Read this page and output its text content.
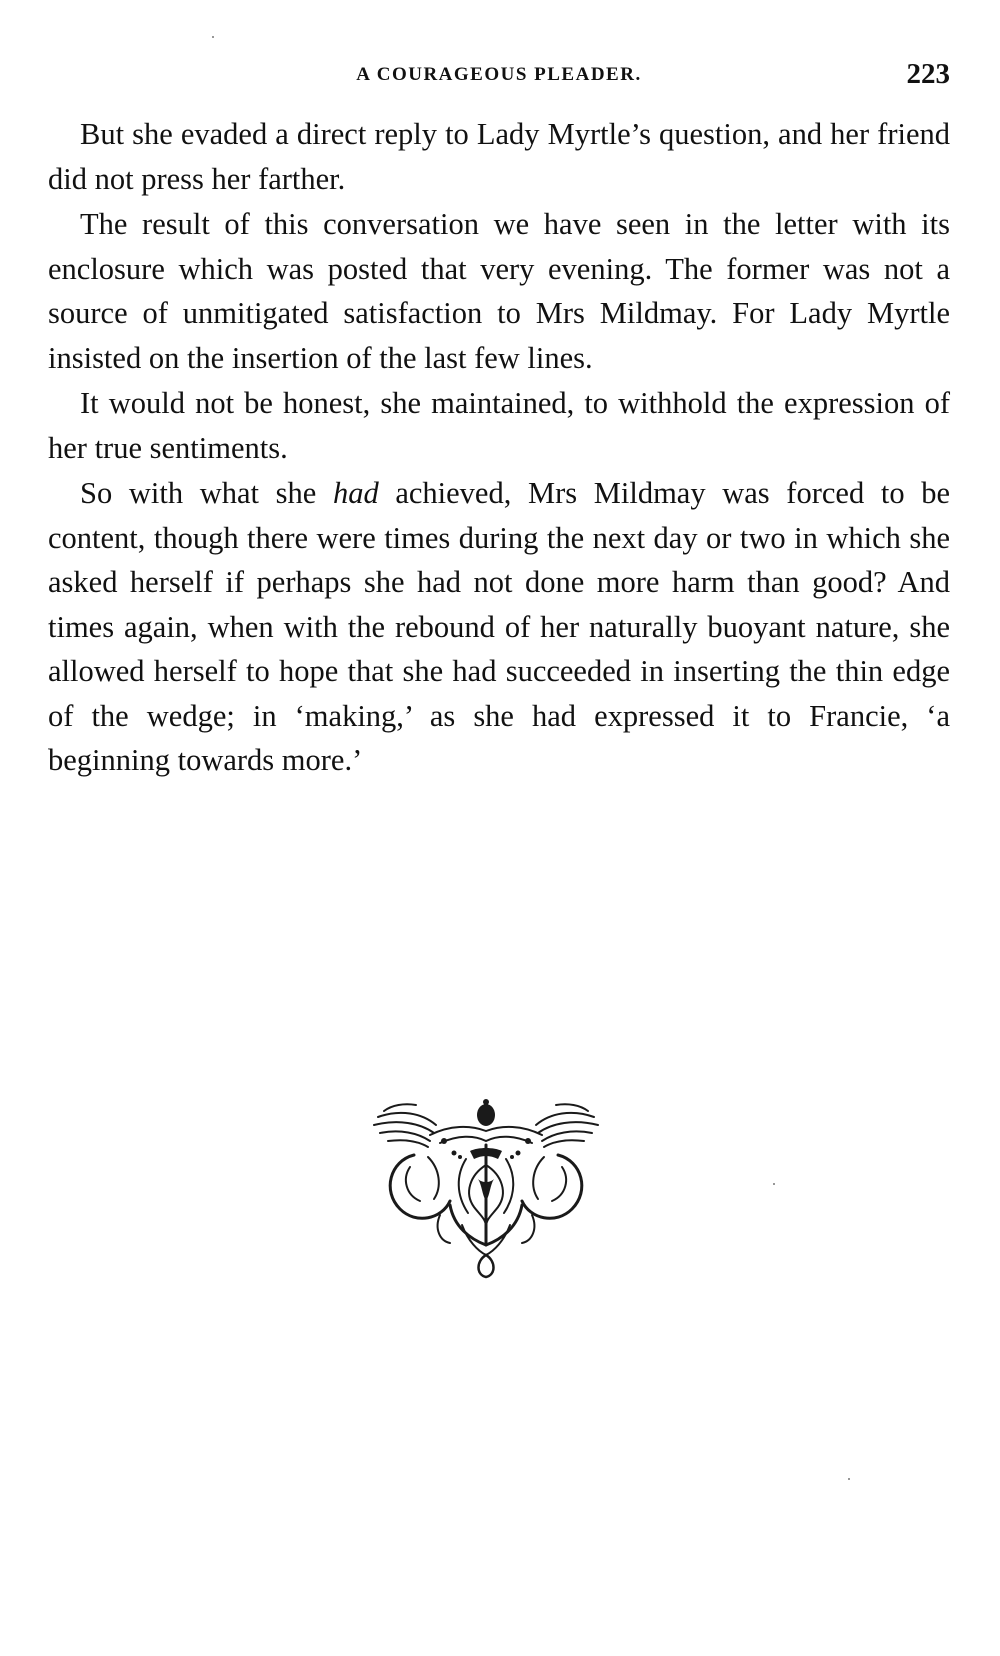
A COURAGEOUS PLEADER.	223

But she evaded a direct reply to Lady Myrtle’s question, and her friend did not press her farther.

The result of this conversation we have seen in the letter with its enclosure which was posted that very evening. The former was not a source of unmitigated satisfaction to Mrs Mildmay. For Lady Myrtle insisted on the insertion of the last few lines.

It would not be honest, she maintained, to withhold the expression of her true sentiments.

So with what she had achieved, Mrs Mildmay was forced to be content, though there were times during the next day or two in which she asked herself if perhaps she had not done more harm than good? And times again, when with the rebound of her naturally buoyant nature, she allowed herself to hope that she had succeeded in inserting the thin edge of the wedge; in ‘making,’ as she had expressed it to Francie, ‘a beginning towards more.’
